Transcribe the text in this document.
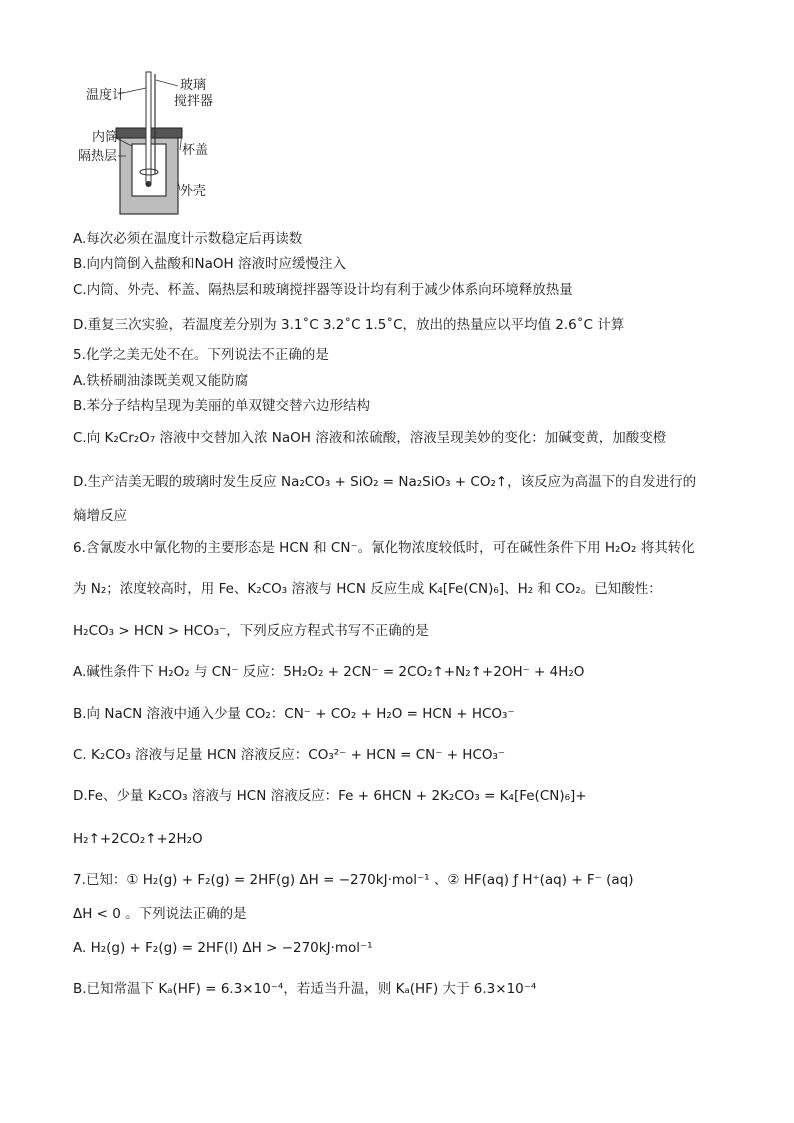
温度计
玻璃
搅拌器
内筒
隔热层	杯盖
外壳
A.每次必须在温度计示数稳定后再读数
B.向内筒倒入盐酸和NaOH 溶液时应缓慢注入
C.内筒、外壳、杯盖、隔热层和玻璃搅拌器等设计均有利于减少体系向环境释放热量
D.重复三次实验，若温度差分别为 3.1˚C 3.2˚C 1.5˚C，放出的热量应以平均值 2.6˚C 计算
5.化学之美无处不在。下列说法不正确的是
A.铁桥刷油漆既美观又能防腐
B.苯分子结构呈现为美丽的单双键交替六边形结构
C.向 K₂Cr₂O₇ 溶液中交替加入浓 NaOH 溶液和浓硫酸，溶液呈现美妙的变化：加碱变黄，加酸变橙
D.生产洁美无暇的玻璃时发生反应 Na₂CO₃ + SiO₂ = Na₂SiO₃ + CO₂↑，该反应为高温下的自发进行的
熵增反应
6.含氰废水中氰化物的主要形态是 HCN 和 CN⁻。氰化物浓度较低时，可在碱性条件下用 H₂O₂ 将其转化
为 N₂；浓度较高时，用 Fe、K₂CO₃ 溶液与 HCN 反应生成 K₄[Fe(CN)₆]、H₂ 和 CO₂。已知酸性：
H₂CO₃ > HCN > HCO₃⁻，下列反应方程式书写不正确的是
A.碱性条件下 H₂O₂ 与 CN⁻ 反应：5H₂O₂ + 2CN⁻ = 2CO₂↑+N₂↑+2OH⁻ + 4H₂O
B.向 NaCN 溶液中通入少量 CO₂：CN⁻ + CO₂ + H₂O = HCN + HCO₃⁻
C. K₂CO₃ 溶液与足量 HCN 溶液反应：CO₃²⁻ + HCN = CN⁻ + HCO₃⁻
D.Fe、少量 K₂CO₃ 溶液与 HCN 溶液反应：Fe + 6HCN + 2K₂CO₃ = K₄[Fe(CN)₆]+
H₂↑+2CO₂↑+2H₂O
7.已知：① H₂(g) + F₂(g) = 2HF(g) ΔH = −270kJ·mol⁻¹ 、② HF(aq) ƒ H⁺(aq) + F⁻ (aq)
ΔH < 0 。下列说法正确的是
A. H₂(g) + F₂(g) = 2HF(l) ΔH > −270kJ·mol⁻¹
B.已知常温下 Kₐ(HF) = 6.3×10⁻⁴，若适当升温，则 Kₐ(HF) 大于 6.3×10⁻⁴
